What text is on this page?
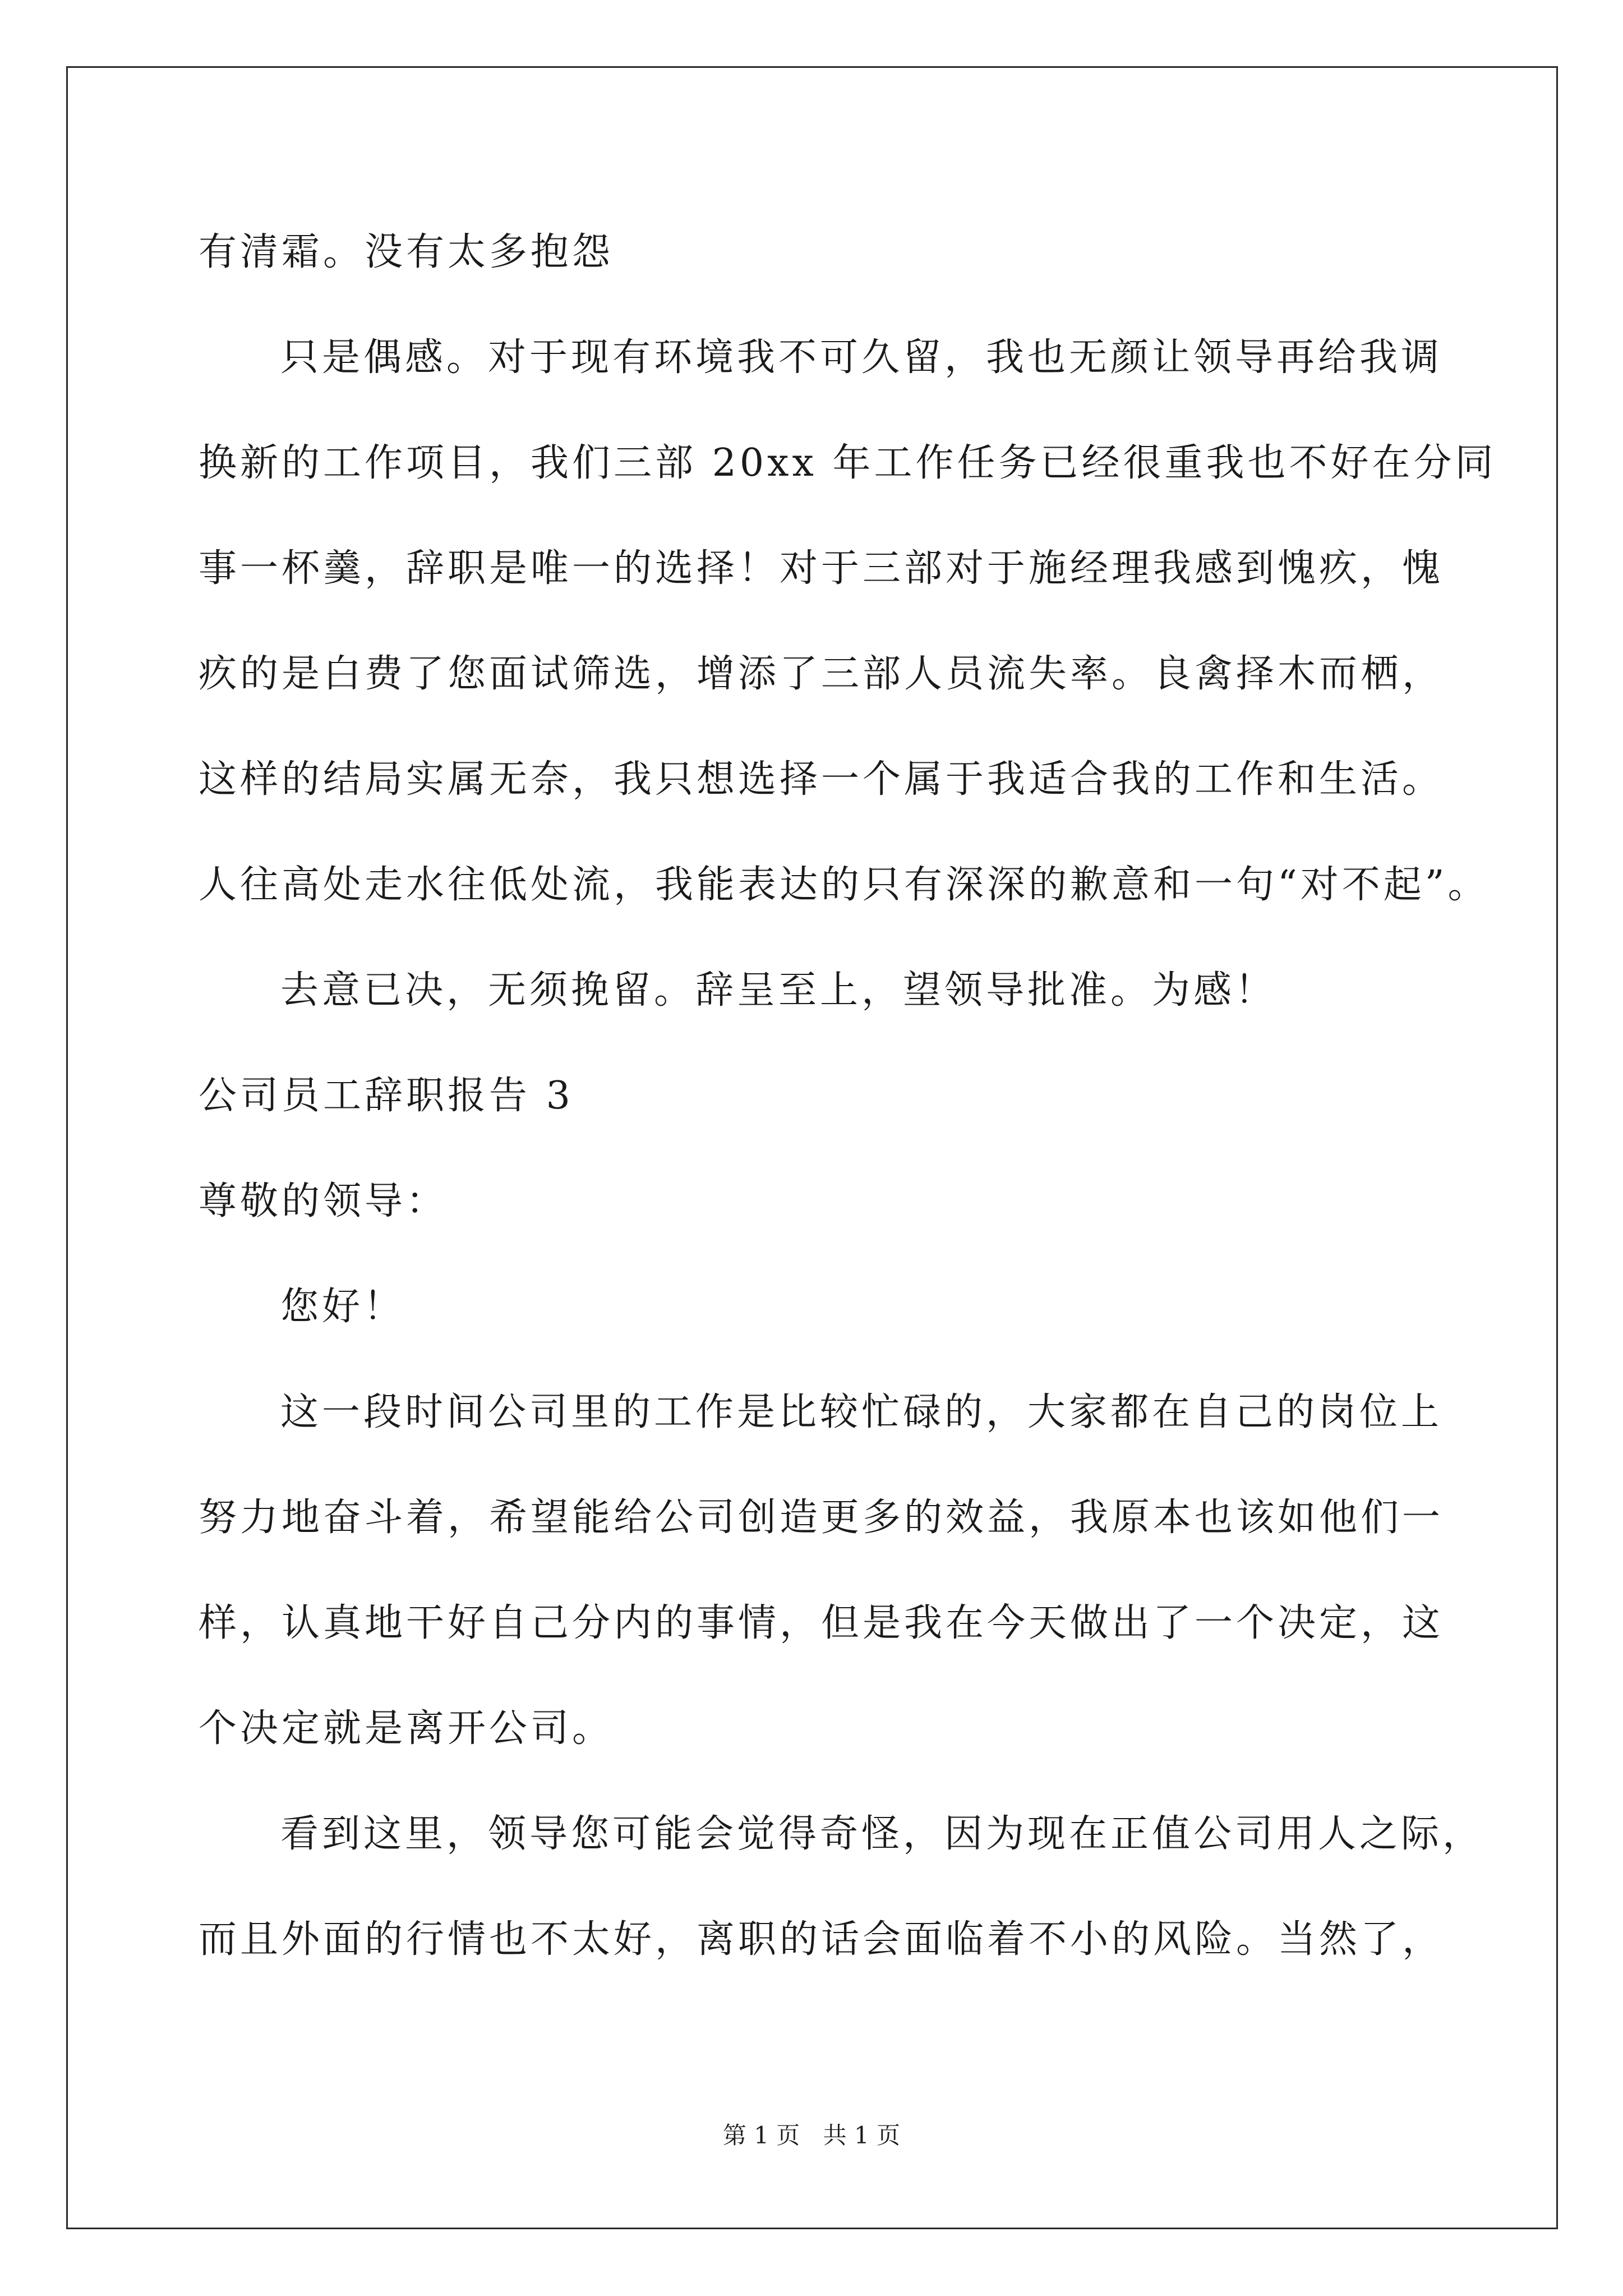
有清霜。没有太多抱怨
只是偶感。对于现有环境我不可久留，我也无颜让领导再给我调
换新的工作项目，我们三部 20xx 年工作任务已经很重我也不好在分同
事一杯羹，辞职是唯一的选择！对于三部对于施经理我感到愧疚，愧
疚的是白费了您面试筛选，增添了三部人员流失率。良禽择木而栖，
这样的结局实属无奈，我只想选择一个属于我适合我的工作和生活。
人往高处走水往低处流，我能表达的只有深深的歉意和一句“对不起”。
去意已决，无须挽留。辞呈至上，望领导批准。为感！
公司员工辞职报告 3
尊敬的领导：
您好！
这一段时间公司里的工作是比较忙碌的，大家都在自己的岗位上
努力地奋斗着，希望能给公司创造更多的效益，我原本也该如他们一
样，认真地干好自己分内的事情，但是我在今天做出了一个决定，这
个决定就是离开公司。
看到这里，领导您可能会觉得奇怪，因为现在正值公司用人之际，
而且外面的行情也不太好，离职的话会面临着不小的风险。当然了，
第 1 页 共 1 页
